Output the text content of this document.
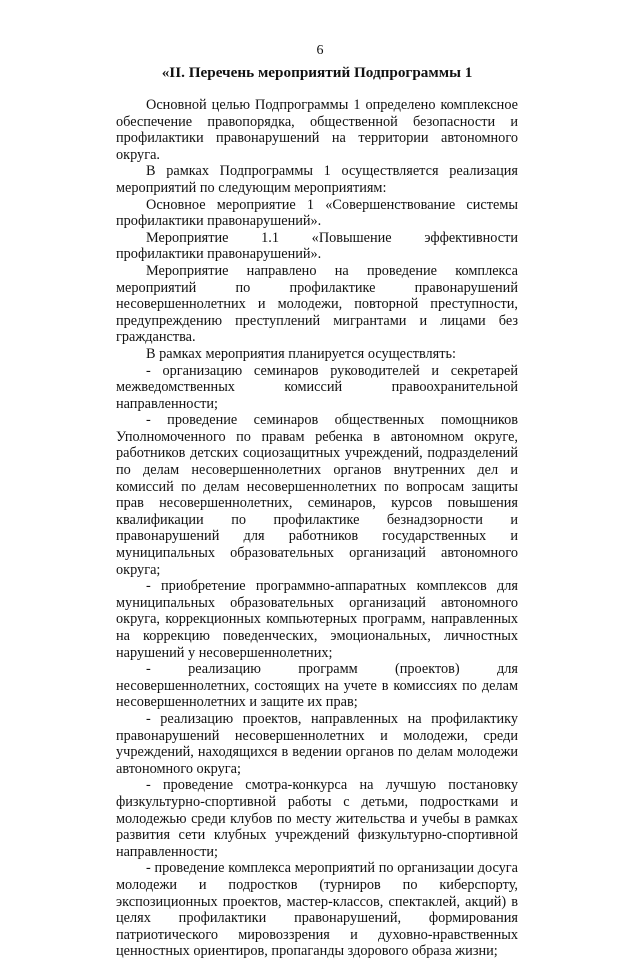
6
«II. Перечень мероприятий Подпрограммы 1

Основной целью Подпрограммы 1 определено комплексное обеспечение правопорядка, общественной безопасности и профилактики правонарушений на территории автономного округа.

В рамках Подпрограммы 1 осуществляется реализация мероприятий по следующим мероприятиям:

Основное мероприятие 1 «Совершенствование системы профилактики правонарушений».

Мероприятие 1.1 «Повышение эффективности профилактики правонарушений».

Мероприятие направлено на проведение комплекса мероприятий по профилактике правонарушений несовершеннолетних и молодежи, повторной преступности, предупреждению преступлений мигрантами и лицами без гражданства.

В рамках мероприятия планируется осуществлять:

- организацию семинаров руководителей и секретарей межведомственных комиссий правоохранительной направленности;

- проведение семинаров общественных помощников Уполномоченного по правам ребенка в автономном округе, работников детских социозащитных учреждений, подразделений по делам несовершеннолетних органов внутренних дел и комиссий по делам несовершеннолетних по вопросам защиты прав несовершеннолетних, семинаров, курсов повышения квалификации по профилактике безнадзорности и правонарушений для работников государственных и муниципальных образовательных организаций автономного округа;

- приобретение программно-аппаратных комплексов для муниципальных образовательных организаций автономного округа, коррекционных компьютерных программ, направленных на коррекцию поведенческих, эмоциональных, личностных нарушений у несовершеннолетних;

- реализацию программ (проектов) для несовершеннолетних, состоящих на учете в комиссиях по делам несовершеннолетних и защите их прав;

- реализацию проектов, направленных на профилактику правонарушений несовершеннолетних и молодежи, среди учреждений, находящихся в ведении органов по делам молодежи автономного округа;

- проведение смотра-конкурса на лучшую постановку физкультурно-спортивной работы с детьми, подростками и молодежью среди клубов по месту жительства и учебы в рамках развития сети клубных учреждений физкультурно-спортивной направленности;

- проведение комплекса мероприятий по организации досуга молодежи и подростков (турниров по киберспорту, экспозиционных проектов, мастер-классов, спектаклей, акций) в целях профилактики правонарушений, формирования патриотического мировоззрения и духовно-нравственных ценностных ориентиров, пропаганды здорового образа жизни;
